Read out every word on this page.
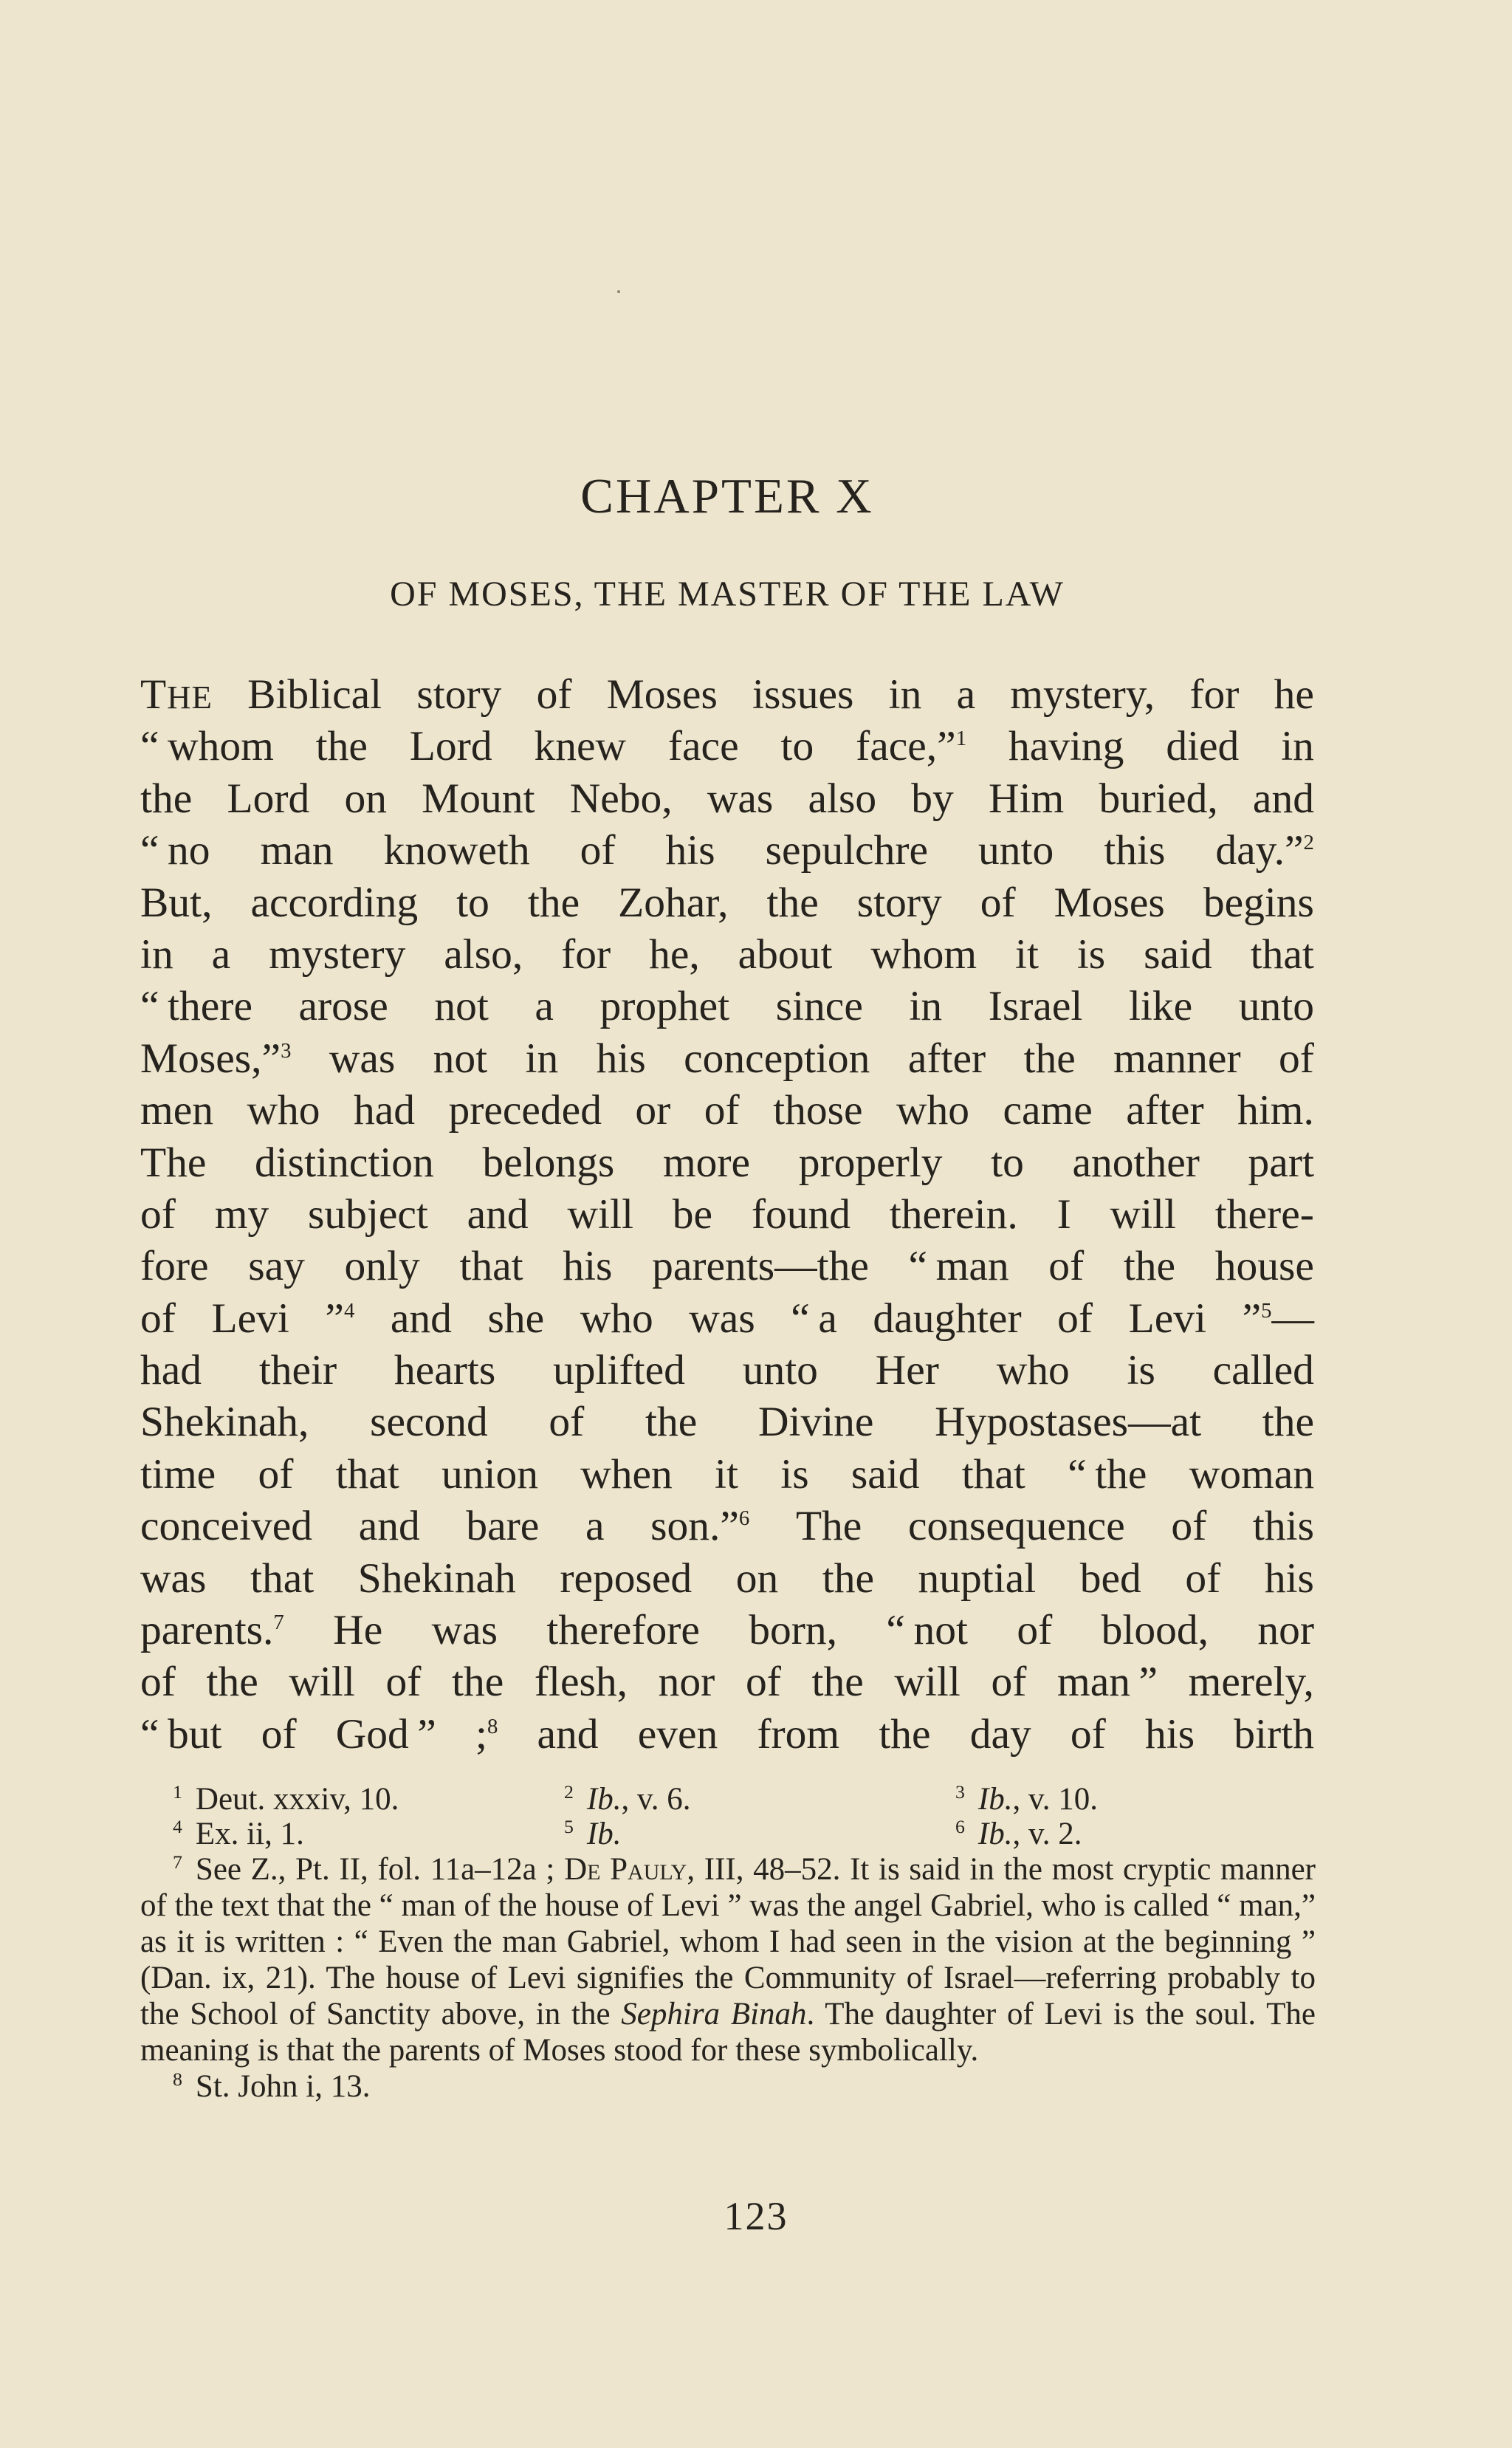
CHAPTER X
OF MOSES, THE MASTER OF THE LAW
THE Biblical story of Moses issues in a mystery, for he
“ whom the Lord knew face to face,”$^1$ having died in
the Lord on Mount Nebo, was also by Him buried, and
“ no man knoweth of his sepulchre unto this day.”$^2$
But, according to the Zohar, the story of Moses begins
in a mystery also, for he, about whom it is said that
“ there arose not a prophet since in Israel like unto
Moses,”$^3$ was not in his conception after the manner of
men who had preceded or of those who came after him.
The distinction belongs more properly to another part
of my subject and will be found therein. I will there-
fore say only that his parents—the “ man of the house
of Levi ”$^4$ and she who was “ a daughter of Levi ”$^5$—
had their hearts uplifted unto Her who is called
Shekinah, second of the Divine Hypostases—at the
time of that union when it is said that “ the woman
conceived and bare a son.”$^6$ The consequence of this
was that Shekinah reposed on the nuptial bed of his
parents.$^7$ He was therefore born, “ not of blood, nor
of the will of the flesh, nor of the will of man ” merely,
“ but of God ” ;$^8$ and even from the day of his birth
$^1$ Deut. xxxiv, 10.	$^2$ Ib., v. 6.	$^3$ Ib., v. 10.
$^4$ Ex. ii, 1.	$^5$ Ib.	$^6$ Ib., v. 2.

$^7$ See Z., Pt. II, fol. 11a–12a ; De Pauly, III, 48–52. It is said in the most cryptic manner of the text that the “ man of the house of Levi ” was the angel Gabriel, who is called “ man,” as it is written : “ Even the man Gabriel, whom I had seen in the vision at the beginning ” (Dan. ix, 21). The house of Levi signifies the Community of Israel—referring probably to the School of Sanctity above, in the Sephira Binah. The daughter of Levi is the soul. The meaning is that the parents of Moses stood for these symbolically.

$^8$ St. John i, 13.

123
